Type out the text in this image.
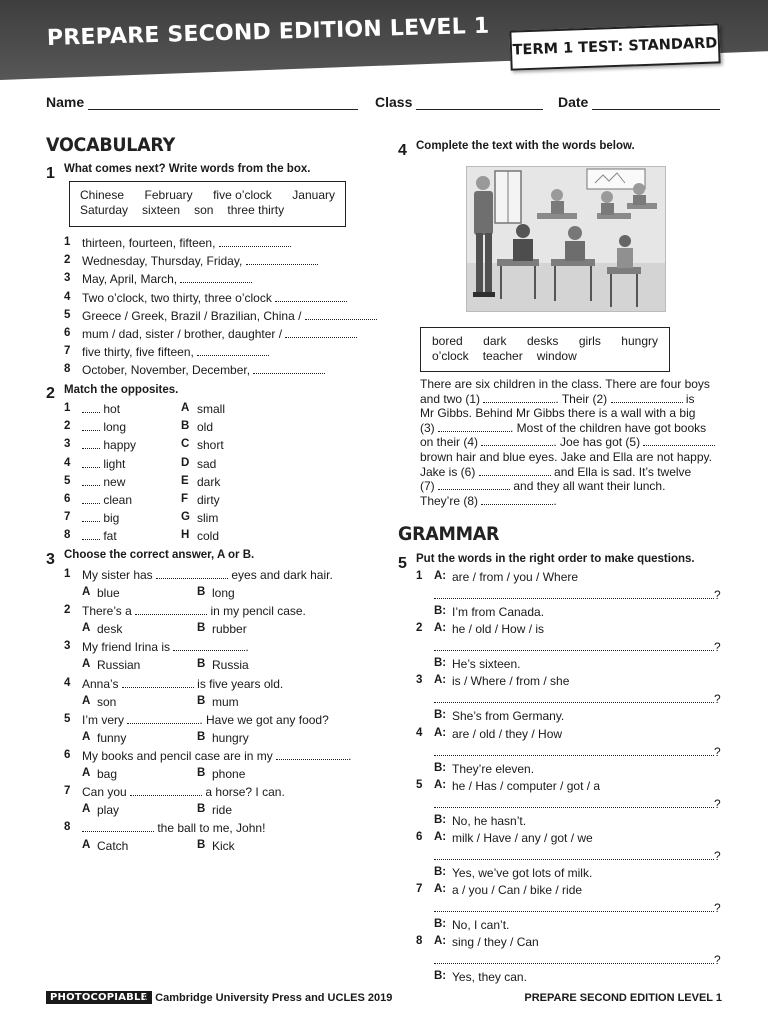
PREPARE SECOND EDITION LEVEL 1 TERM 1 TEST: STANDARD
Name	Class	Date
VOCABULARY
1 What comes next? Write words from the box.
Chinese February five o’clock January
Saturday sixteen son three thirty
1 thirteen, fourteen, fifteen,
2 Wednesday, Thursday, Friday,
3 May, April, March,
4 Two o’clock, two thirty, three o’clock
5 Greece / Greek, Brazil / Brazilian, China /
6 mum / dad, sister / brother, daughter /
7 five thirty, five fifteen,
8 October, November, December,
2 Match the opposites.
1	hot	A small
2	long	B old
3	happy	C short
4	light	D sad
5	new	E dark
6	clean	F dirty
7	big	G slim
8	fat	H cold
3 Choose the correct answer, A or B.
1 My sister has	eyes and dark hair.
A blue	B long
2 There’s a	in my pencil case.
A desk	B rubber
3 My friend Irina is	.
A Russian	B Russia
4 Anna’s	is five years old.
A son	B mum
5 I’m very	. Have we got any food?
A funny	B hungry
6 My books and pencil case are in my	.
A bag	B phone
7 Can you	a horse? I can.
A play	B ride
8	the ball to me, John!
A Catch	B Kick
4 Complete the text with the words below.
bored dark desks girls hungry
o’clock teacher window
There are six children in the class. There are four boys
and two (1)	. Their (2)	is
Mr Gibbs. Behind Mr Gibbs there is a wall with a big
(3)	. Most of the children have got books
on their (4)	. Joe has got (5)
brown hair and blue eyes. Jake and Ella are not happy.
Jake is (6)	and Ella is sad. It’s twelve
(7)	and they all want their lunch.
They’re (8)	.
GRAMMAR
5 Put the words in the right order to make questions.
1 A: are / from / you / Where
?
B: I’m from Canada.
2 A: he / old / How / is
?
B: He’s sixteen.
3 A: is / Where / from / she
?
B: She’s from Germany.
4 A: are / old / they / How
?
B: They’re eleven.
5 A: he / Has / computer / got / a
?
B: No, he hasn’t.
6 A: milk / Have / any / got / we
?
B: Yes, we’ve got lots of milk.
7 A: a / you / Can / bike / ride
?
B: No, I can’t.
8 A: sing / they / Can
?
B: Yes, they can.
PHOTOCOPIABLE
© Cambridge University Press and UCLES 2019	PREPARE SECOND EDITION LEVEL 1
